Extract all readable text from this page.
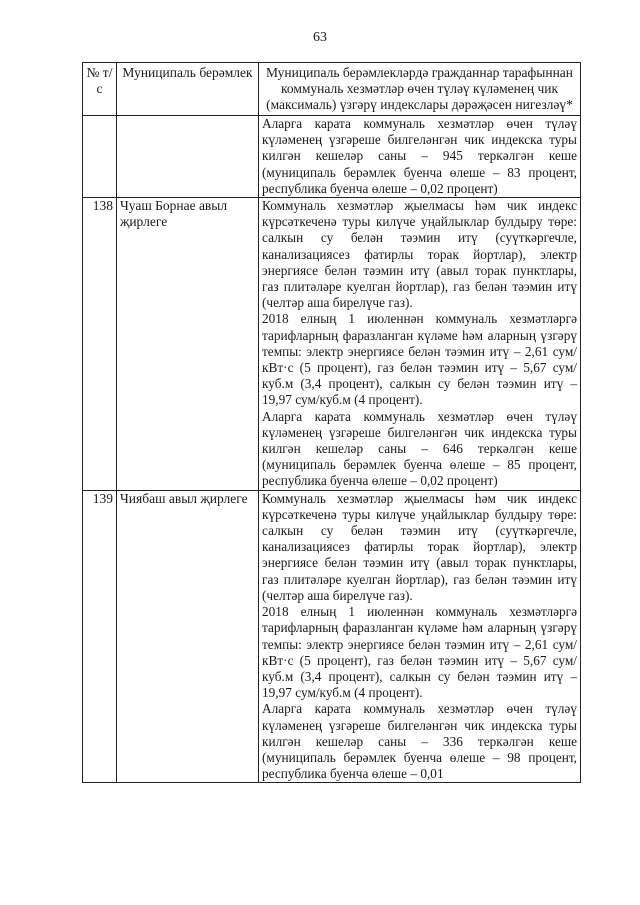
63
№ т/с	Муниципаль берәмлек	Муниципаль берәмлекләрдә гражданнар тарафыннан коммуналь хезмәтләр өчен түләү күләменең чик (максималь) үзгәрү индекслары дәрәҗәсен нигезләү*

		Аларга карата коммуналь хезмәтләр өчен түләү күләменең үзгәреше билгеләнгән чик индекска туры килгән кешеләр саны – 945 теркәлгән кеше (муниципаль берәмлек буенча өлеше – 83 процент, республика буенча өлеше – 0,02 процент)

138	Чуаш Борнае авыл җирлеге	Коммуналь хезмәтләр җыелмасы һәм чик индекс күрсәткеченә туры килүче уңайлыклар булдыру төре: салкын су белән тәэмин итү (суүткәргечле, канализациясез фатирлы торак йортлар), электр энергиясе белән тәэмин итү (авыл торак пунктлары, газ плитәләре куелган йортлар), газ белән тәэмин итү (челтәр аша бирелүче газ).

2018 елның 1 июленнән коммуналь хезмәтләргә тарифларның фаразланган күләме һәм аларның үзгәрү темпы: электр энергиясе белән тәэмин итү – 2,61 сум/кВт·с (5 процент), газ белән тәэмин итү – 5,67 сум/куб.м (3,4 процент), салкын су белән тәэмин итү – 19,97 сум/куб.м (4 процент).

Аларга карата коммуналь хезмәтләр өчен түләү күләменең үзгәреше билгеләнгән чик индекска туры килгән кешеләр саны – 646 теркәлгән кеше (муниципаль берәмлек буенча өлеше – 85 процент, республика буенча өлеше – 0,02 процент)

139	Чиябаш авыл җирлеге	Коммуналь хезмәтләр җыелмасы һәм чик индекс күрсәткеченә туры килүче уңайлыклар булдыру төре: салкын су белән тәэмин итү (суүткәргечле, канализациясез фатирлы торак йортлар), электр энергиясе белән тәэмин итү (авыл торак пунктлары, газ плитәләре куелган йортлар), газ белән тәэмин итү (челтәр аша бирелүче газ).

2018 елның 1 июленнән коммуналь хезмәтләргә тарифларның фаразланган күләме һәм аларның үзгәрү темпы: электр энергиясе белән тәэмин итү – 2,61 сум/кВт·с (5 процент), газ белән тәэмин итү – 5,67 сум/куб.м (3,4 процент), салкын су белән тәэмин итү – 19,97 сум/куб.м (4 процент).

Аларга карата коммуналь хезмәтләр өчен түләү күләменең үзгәреше билгеләнгән чик индекска туры килгән кешеләр саны – 336 теркәлгән кеше (муниципаль берәмлек буенча өлеше – 98 процент, республика буенча өлеше – 0,01
